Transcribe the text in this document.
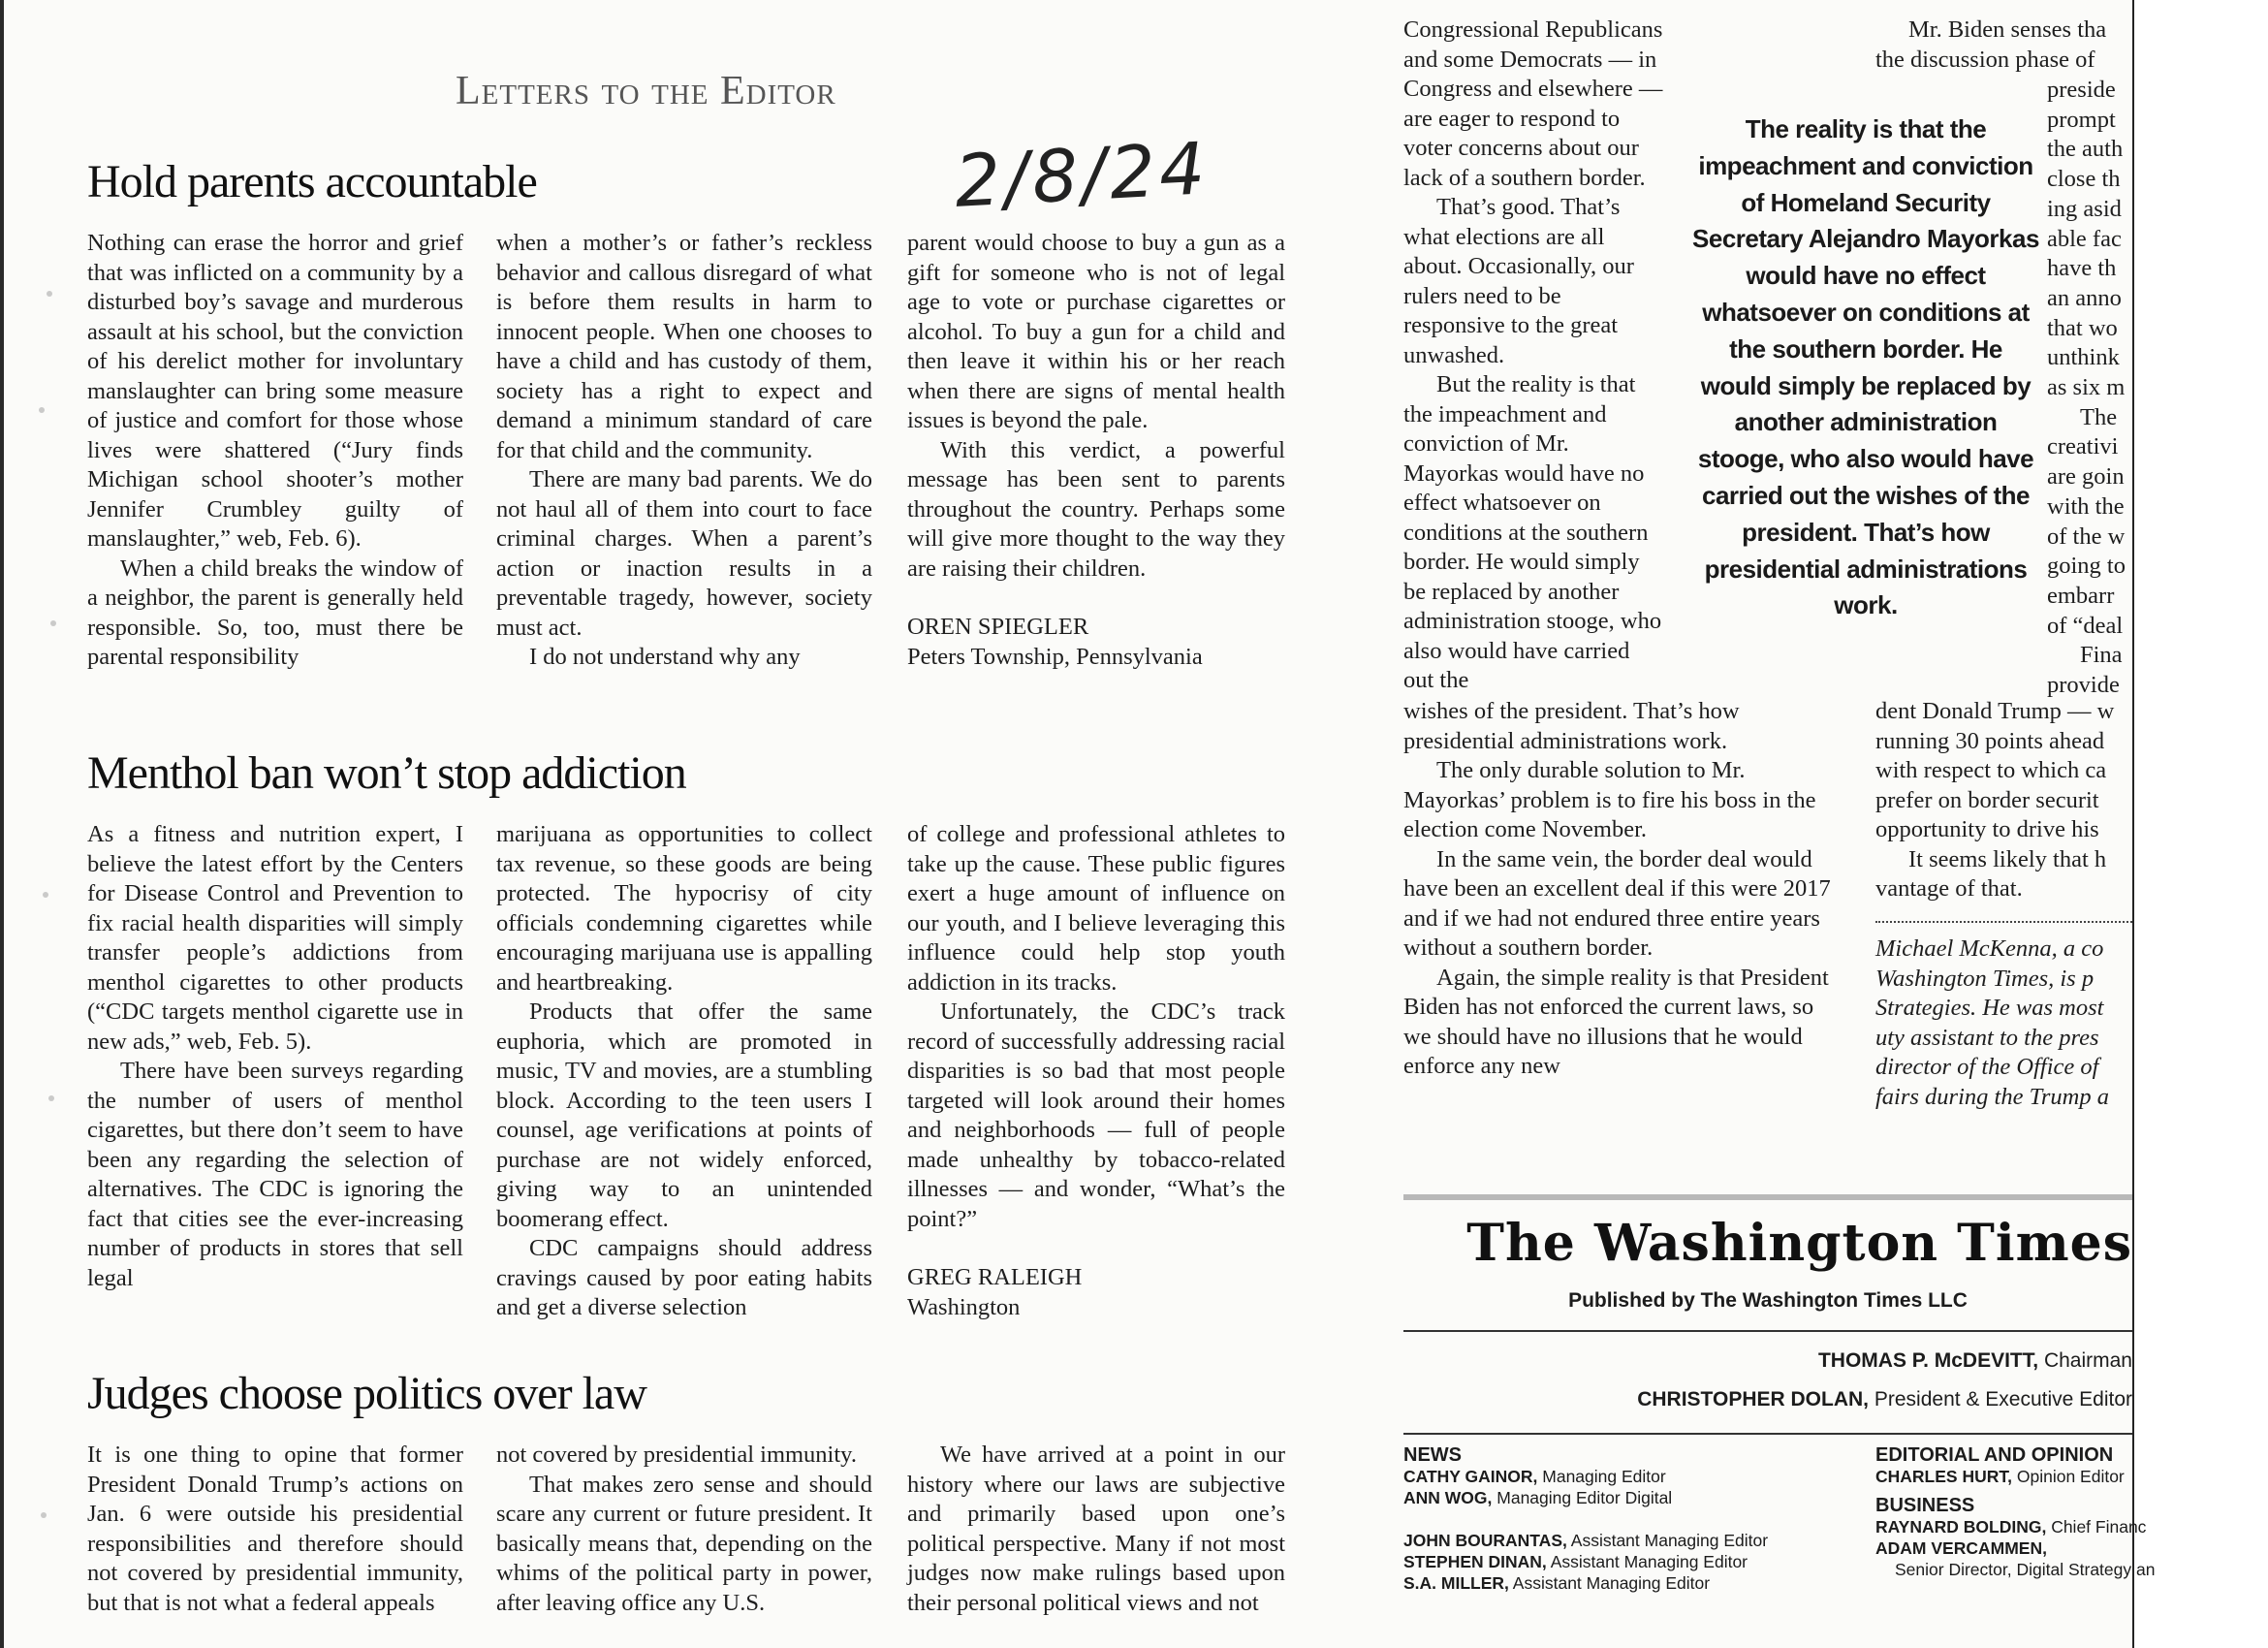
Letters to the Editor
2/8/24
Hold parents accountable

Nothing can erase the horror and grief that was inflicted on a community by a disturbed boy’s savage and murderous assault at his school, but the conviction of his derelict mother for involuntary manslaughter can bring some measure of justice and comfort for those whose lives were shattered (“Jury finds Michigan school shooter’s mother Jennifer Crumbley guilty of manslaughter,” web, Feb. 6).

When a child breaks the window of a neighbor, the parent is generally held responsible. So, too, must there be parental responsibility

when a mother’s or father’s reckless behavior and callous disregard of what is before them results in harm to innocent people. When one chooses to have a child and has custody of them, society has a right to expect and demand a minimum standard of care for that child and the community.

There are many bad parents. We do not haul all of them into court to face criminal charges. When a parent’s action or inaction results in a preventable tragedy, however, society must act.

I do not understand why any

parent would choose to buy a gun as a gift for someone who is not of legal age to vote or purchase cigarettes or alcohol. To buy a gun for a child and then leave it within his or her reach when there are signs of mental health issues is beyond the pale.

With this verdict, a powerful message has been sent to parents throughout the country. Perhaps some will give more thought to the way they are raising their children.

OREN SPIEGLER

Peters Township, Pennsylvania

Menthol ban won’t stop addiction

As a fitness and nutrition expert, I believe the latest effort by the Centers for Disease Control and Prevention to fix racial health disparities will simply transfer people’s addictions from menthol cigarettes to other products (“CDC targets menthol cigarette use in new ads,” web, Feb. 5).

There have been surveys regarding the number of users of menthol cigarettes, but there don’t seem to have been any regarding the selection of alternatives. The CDC is ignoring the fact that cities see the ever-increasing number of products in stores that sell legal

marijuana as opportunities to collect tax revenue, so these goods are being protected. The hypocrisy of city officials condemning cigarettes while encouraging marijuana use is appalling and heartbreaking.

Products that offer the same euphoria, which are promoted in music, TV and movies, are a stumbling block. According to the teen users I counsel, age verifications at points of purchase are not widely enforced, giving way to an unintended boomerang effect.

CDC campaigns should address cravings caused by poor eating habits and get a diverse selection

of college and professional athletes to take up the cause. These public figures exert a huge amount of influence on our youth, and I believe leveraging this influence could help stop youth addiction in its tracks.

Unfortunately, the CDC’s track record of successfully addressing racial disparities is so bad that most people targeted will look around their homes and neighborhoods — full of people made unhealthy by tobacco-related illnesses — and wonder, “What’s the point?”

GREG RALEIGH

Washington

Judges choose politics over law

It is one thing to opine that former President Donald Trump’s actions on Jan. 6 were outside his presidential responsibilities and therefore should not covered by presidential immunity, but that is not what a federal appeals

not covered by presidential immunity.

That makes zero sense and should scare any current or future president. It basically means that, depending on the whims of the political party in power, after leaving office any U.S.

We have arrived at a point in our history where our laws are subjective and primarily based upon one’s political perspective. Many if not most judges now make rulings based upon their personal political views and not

Congressional Republicans and some Democrats — in Congress and elsewhere — are eager to respond to voter concerns about our lack of a southern border.

That’s good. That’s what elections are all about. Occasionally, our rulers need to be responsive to the great unwashed.

But the reality is that the impeachment and conviction of Mr. Mayorkas would have no effect whatsoever on conditions at the southern border. He would simply be replaced by another administration stooge, who also would have carried out the

The reality is that the impeachment and conviction of Homeland Security Secretary Alejandro Mayorkas would have no effect whatsoever on conditions at the southern border. He would simply be replaced by another administration stooge, who also would have carried out the wishes of the president. That’s how presidential administrations work.

wishes of the president. That’s how presidential administrations work.

The only durable solution to Mr. Mayorkas’ problem is to fire his boss in the election come November.

In the same vein, the border deal would have been an excellent deal if this were 2017 and if we had not endured three entire years without a southern border.

Again, the simple reality is that President Biden has not enforced the current laws, so we should have no illusions that he would enforce any new

Mr. Biden senses tha
the discussion phase of
preside
prompt
the auth
close th
ing asid
able fac
have th
an anno
that wo
unthink
as six m
The
creativi
are goin
with the
of the w
going to
embarr
of “deal
Fina
provide
dent Donald Trump — w
running 30 points ahead
with respect to which ca
prefer on border securit
opportunity to drive his
It seems likely that h
vantage of that.
Michael McKenna, a co
Washington Times, is p
Strategies. He was most
uty assistant to the pres
director of the Office of
fairs during the Trump a
The Washington Times
Published by The Washington Times LLC
THOMAS P. McDEVITT, Chairman
CHRISTOPHER DOLAN, President & Executive Editor
NEWS
CATHY GAINOR, Managing Editor
ANN WOG, Managing Editor Digital
JOHN BOURANTAS, Assistant Managing Editor
STEPHEN DINAN, Assistant Managing Editor
S.A. MILLER, Assistant Managing Editor
EDITORIAL AND OPINION
CHARLES HURT, Opinion Editor
BUSINESS
RAYNARD BOLDING, Chief Financ
ADAM VERCAMMEN,
Senior Director, Digital Strategy an
